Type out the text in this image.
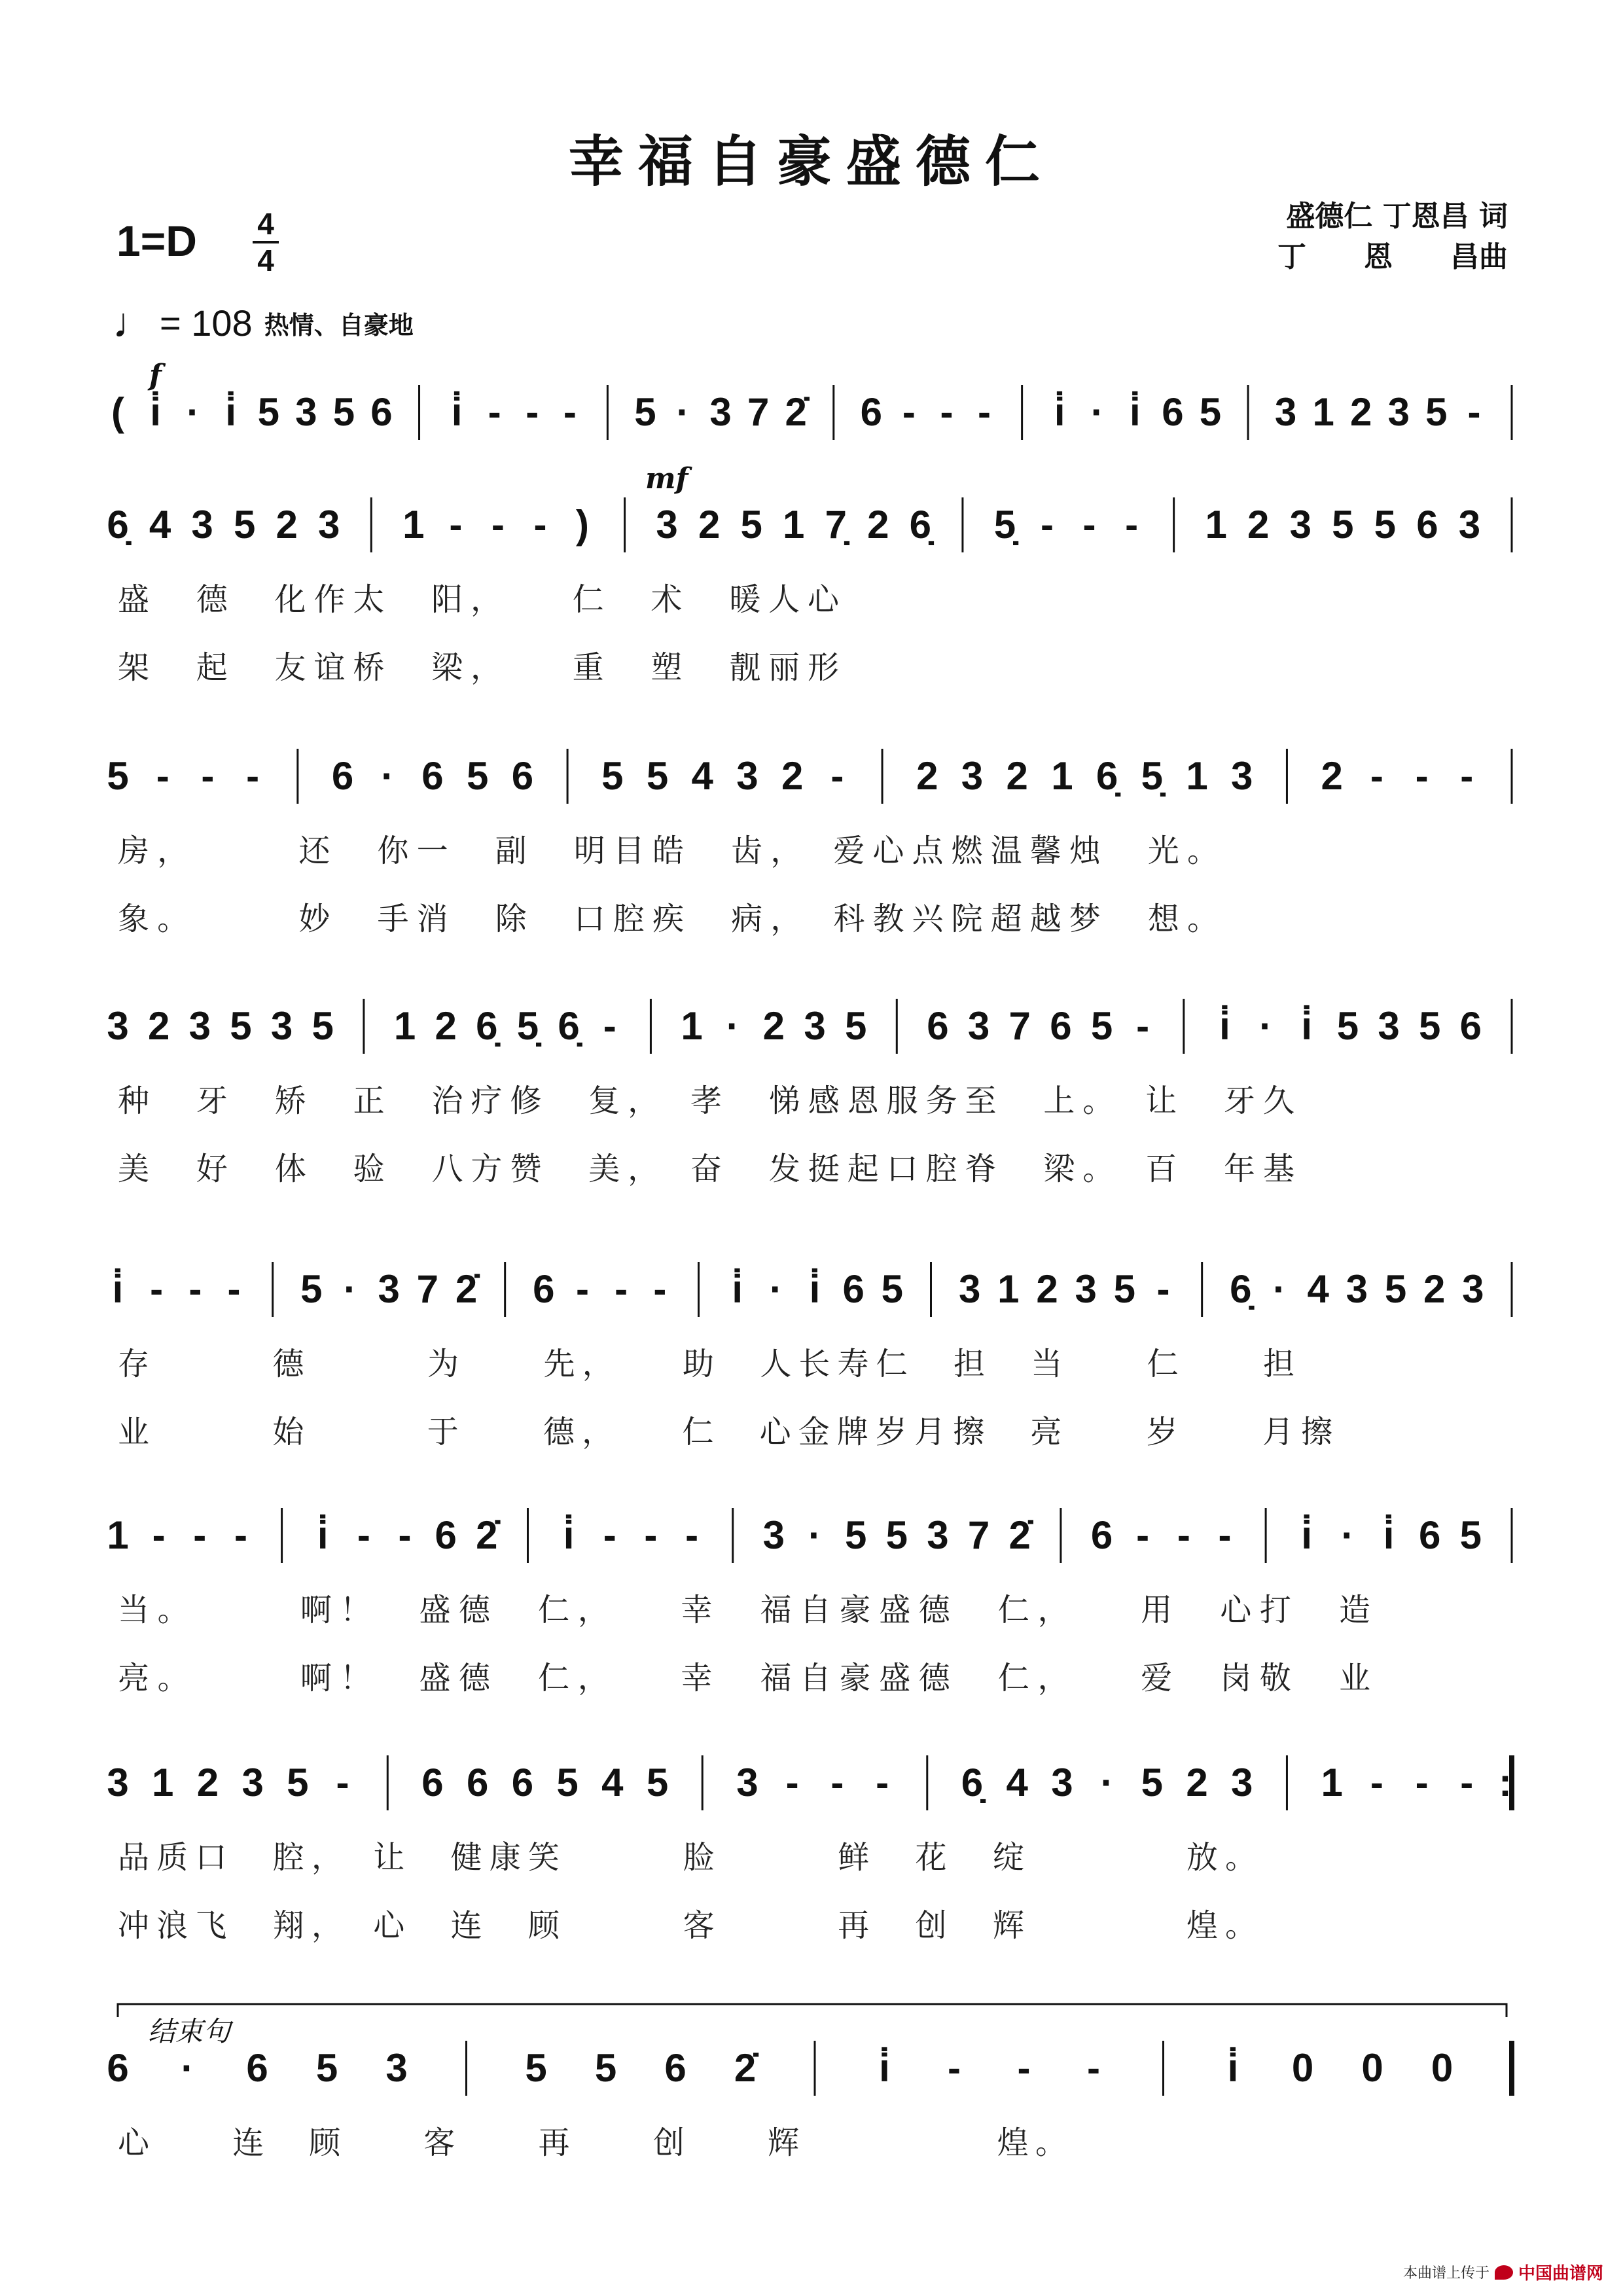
幸福自豪盛德仁
1=D 4
4
盛德仁 丁恩昌 词
丁　　恩　　昌曲
♩ = 108 热情、自豪地
f
mf
结束句
( i̇ · i̇ 5 3 5 6 i̇ - - - 5 · 3 7 2̇ 6 - - - i̇ · i̇ 6 5 3 1 2 3 5 -
6̣ 4 3 5 2 3 1 - - - ) 3 2 5 1 7̣ 2 6̣ 5̣ - - - 1 2 3 5 5 6 3
盛　德　化作太　阳，　　仁　术　暖人心
架　起　友谊桥　梁，　　重　塑　靓丽形
5 - - - 6 · 6 5 6 5 5 4 3 2 - 2 3 2 1 6̣ 5̣ 1 3 2 - - -
房，　　　还　你一　副　明目皓　齿，　爱心点燃温馨烛　光。
象。　　　妙　手消　除　口腔疾　病，　科教兴院超越梦　想。
3 2 3 5 3 5 1 2 6̣ 5̣ 6̣ - 1 · 2 3 5 6 3 7 6 5 - i̇ · i̇ 5 3 5 6
种　牙　矫　正　治疗修　复，　孝　悌感恩服务至　上。　让　牙久
美　好　体　验　八方赞　美，　奋　发挺起口腔脊　梁。　百　年基
i̇ - - - 5 · 3 7 2̇ 6 - - - i̇ · i̇ 6 5 3 1 2 3 5 - 6̣ · 4 3 5 2 3
存　　　德　　　为　　先，　　助　人长寿仁　担　当　　仁　　担
业　　　始　　　于　　德，　　仁　心金牌岁月擦　亮　　岁　　月擦
1 - - - i̇ - - 6 2̇ i̇ - - - 3 · 5 5 3 7 2̇ 6 - - - i̇ · i̇ 6 5
当。　　　啊！　盛德　仁，　　幸　福自豪盛德　仁，　　用　心打　造
亮。　　　啊！　盛德　仁，　　幸　福自豪盛德　仁，　　爱　岗敬　业
3 1 2 3 5 - 6 6 6 5 4 5 3 - - - 6̣ 4 3 · 5 2 3 1 - - - :
品质口　腔，　让　健康笑　　　脸　　　鲜　花　绽　　　　放。
冲浪飞　翔，　心　连　顾　　　客　　　再　创　辉　　　　煌。
6 · 6 5 3	5 5 6 2̇	i̇ - - -	i̇ 0 0 0
心　　连　顾　　客　　再　　创　　辉　　　　　煌。
本曲谱上传于 中国曲谱网
